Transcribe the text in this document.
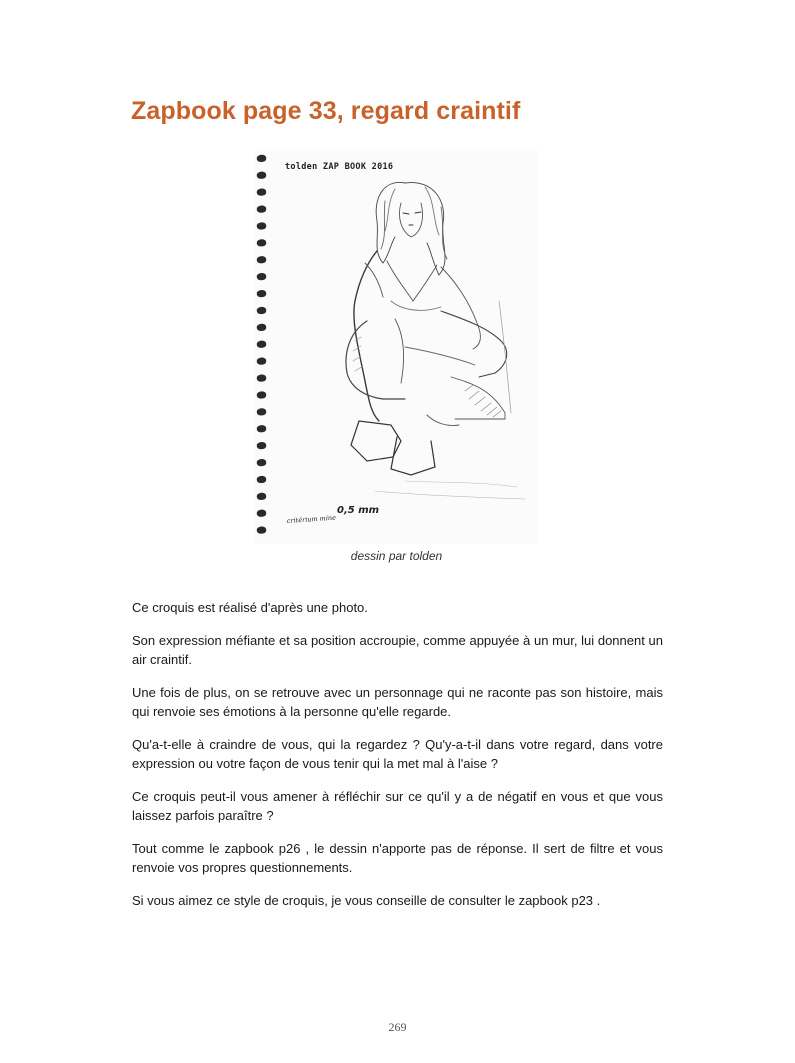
Zapbook page 33, regard craintif
tolden ZAP BOOK 2016
critérium mine
0,5 mm
dessin par tolden

Ce croquis est réalisé d'après une photo.

Son expression méfiante et sa position accroupie, comme appuyée à un mur, lui donnent un air craintif.

Une fois de plus, on se retrouve avec un personnage qui ne raconte pas son histoire, mais qui renvoie ses émotions à la personne qu'elle regarde.

Qu'a-t-elle à craindre de vous, qui la regardez ? Qu'y-a-t-il dans votre regard, dans votre expression ou votre façon de vous tenir qui la met mal à l'aise ?

Ce croquis peut-il vous amener à réfléchir sur ce qu'il y a de négatif en vous et que vous laissez parfois paraître ?

Tout comme le zapbook p26 , le dessin n'apporte pas de réponse. Il sert de filtre et vous renvoie vos propres questionnements.

Si vous aimez ce style de croquis, je vous conseille de consulter le zapbook p23 .

269
